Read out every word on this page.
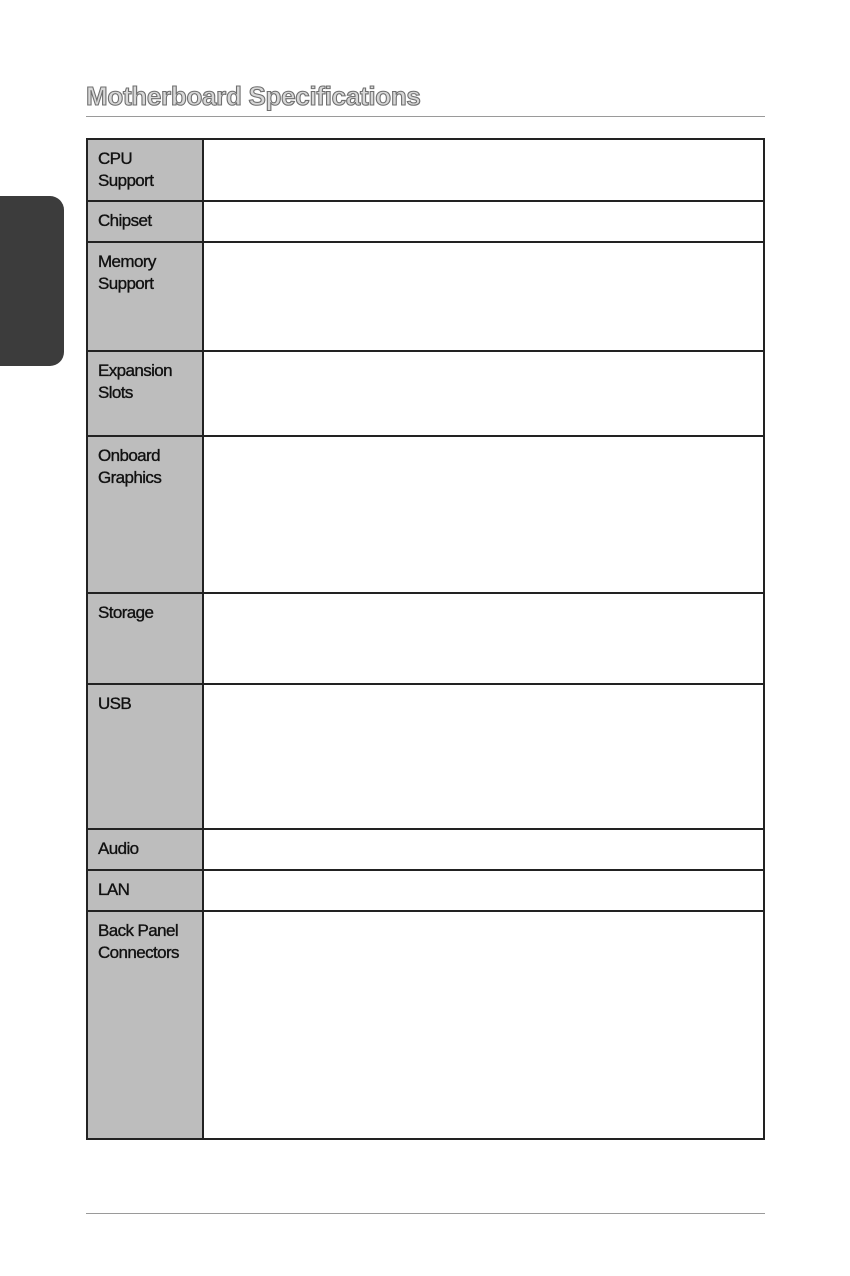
Motherboard Specifications
CPU
Support
Chipset
Memory
Support
Expansion
Slots
Onboard
Graphics
Storage
USB
Audio
LAN
Back Panel
Connectors
